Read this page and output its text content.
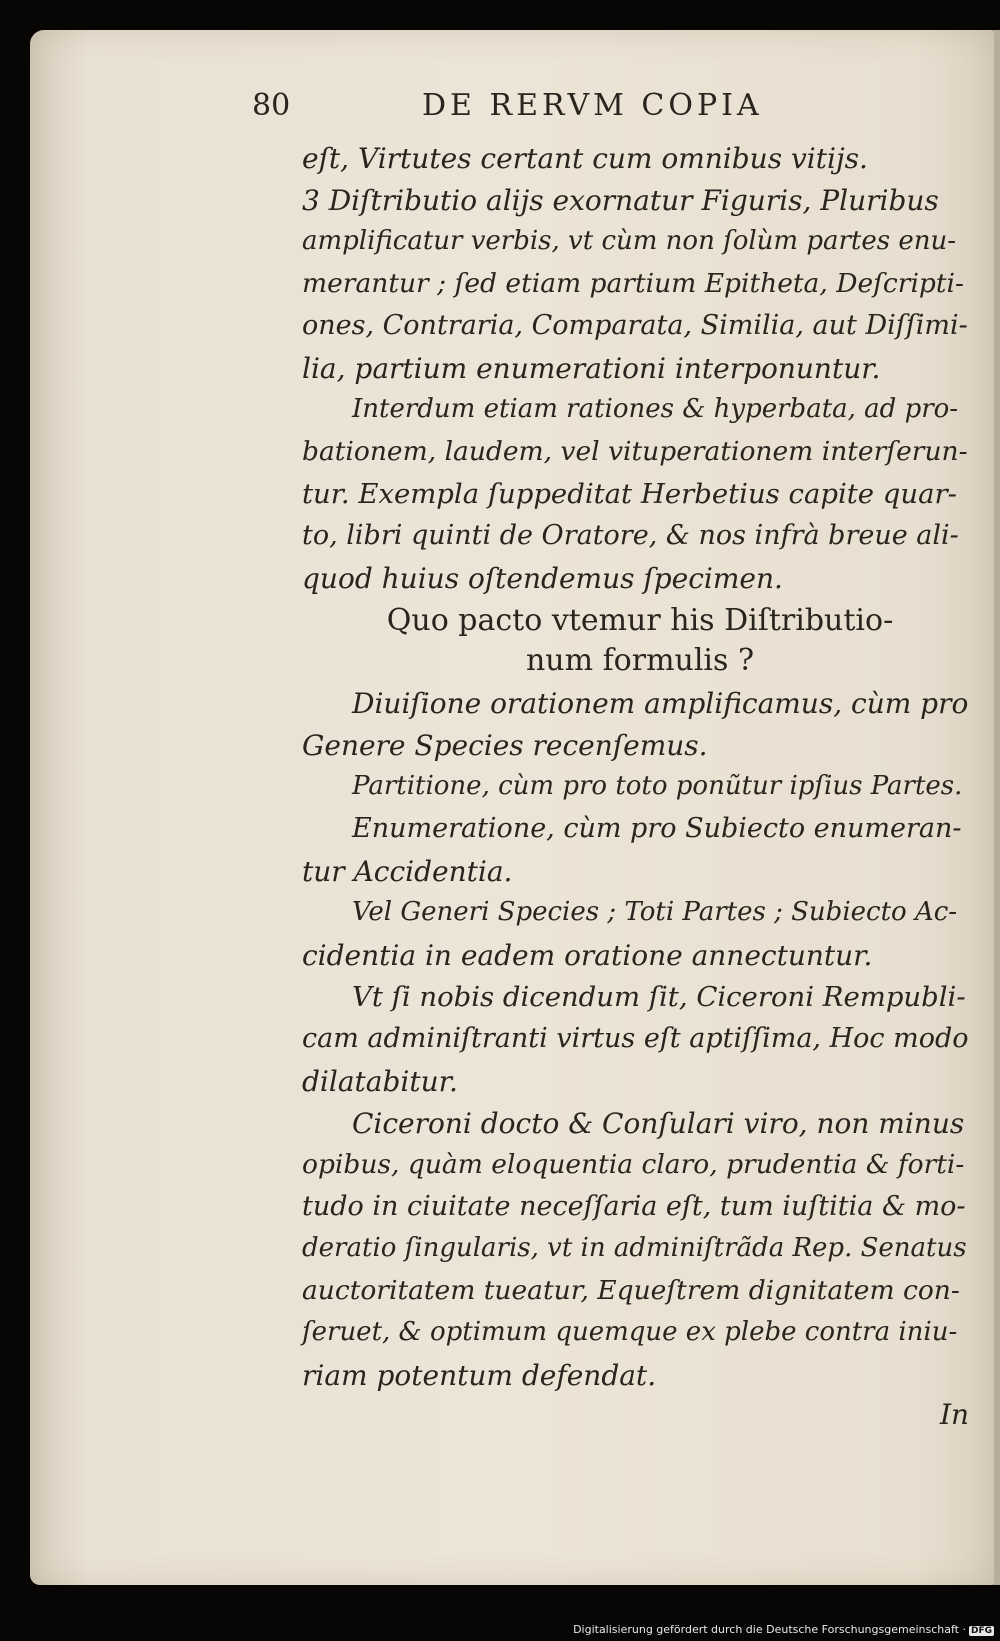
80	DE RERVM COPIA

eſt, Virtutes certant cum omnibus vitijs.

3 Diſtributio alijs exornatur Figuris, Pluribus

amplificatur verbis, vt cùm non ſolùm partes enu-

merantur ; ſed etiam partium Epitheta, Deſcripti-

ones, Contraria, Comparata, Similia, aut Diſſimi-

lia, partium enumerationi interponuntur.

Interdum etiam rationes & hyperbata, ad pro-

bationem, laudem, vel vituperationem interſerun-

tur. Exempla ſuppeditat Herbetius capite quar-

to, libri quinti de Oratore, & nos infrà breue ali-

quod huius oſtendemus ſpecimen.

Quo pacto vtemur his Diſtributio-

num formulis ?

Diuiſione orationem amplificamus, cùm pro

Genere Species recenſemus.

Partitione, cùm pro toto ponũtur ipſius Partes.

Enumeratione, cùm pro Subiecto enumeran-

tur Accidentia.

Vel Generi Species ; Toti Partes ; Subiecto Ac-

cidentia in eadem oratione annectuntur.

Vt ſi nobis dicendum ſit, Ciceroni Rempubli-

cam adminiſtranti virtus eſt aptiſſima, Hoc modo

dilatabitur.

Ciceroni docto & Conſulari viro, non minus

opibus, quàm eloquentia claro, prudentia & forti-

tudo in ciuitate neceſſaria eſt, tum iuſtitia & mo-

deratio ſingularis, vt in adminiſtrãda Rep. Senatus

auctoritatem tueatur, Equeſtrem dignitatem con-

ſeruet, & optimum quemque ex plebe contra iniu-

riam potentum defendat.

In
Digitalisierung gefördert durch die Deutsche Forschungsgemeinschaft · DFG
